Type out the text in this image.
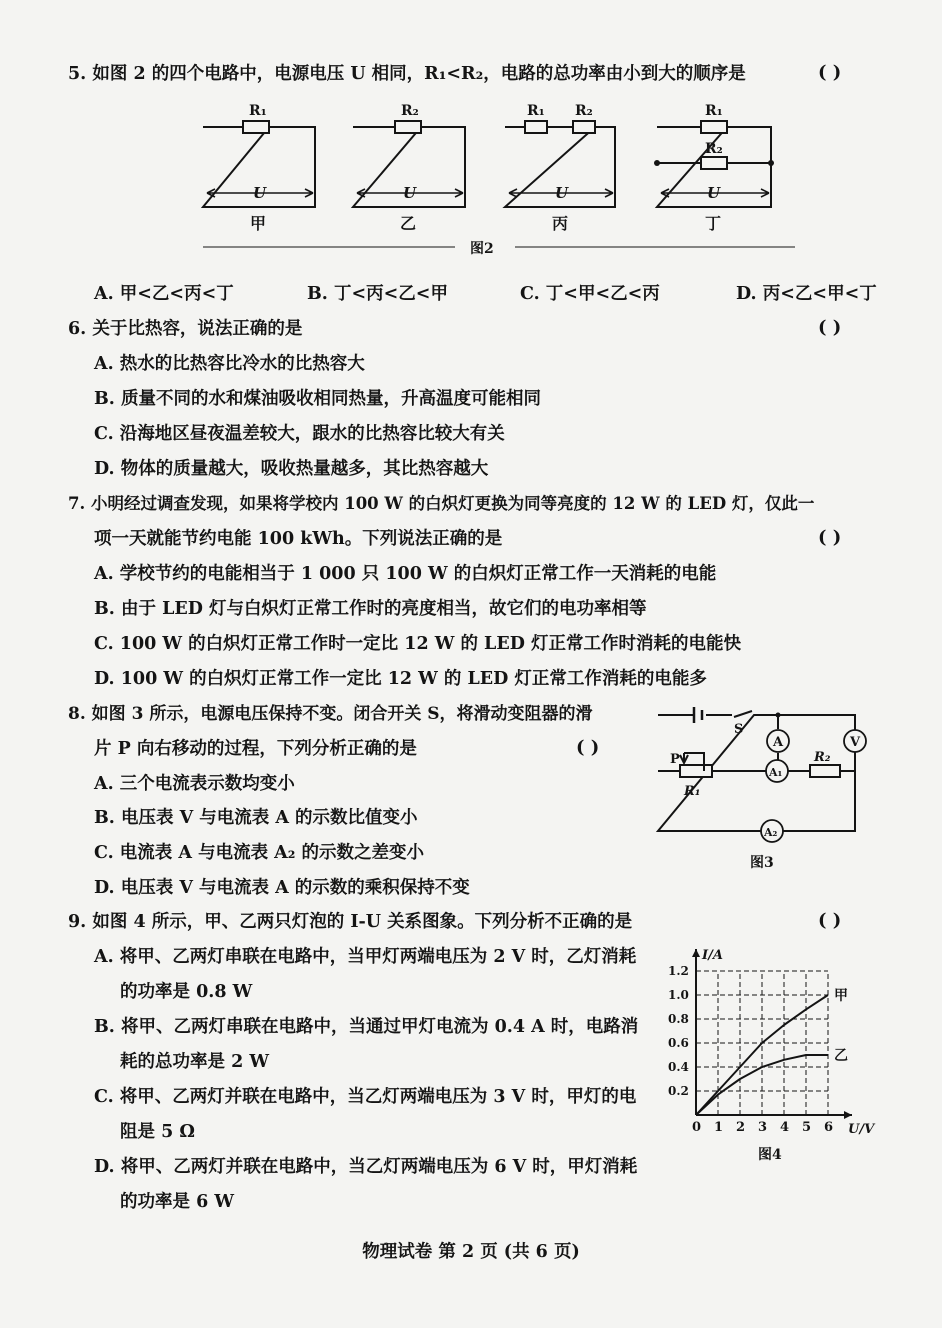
5. 如图 2 的四个电路中，电源电压 U 相同，R₁<R₂，电路的总功率由小到大的顺序是	( )
R₁	R₂	R₁ R₂	R₁
R₂
U	U	U	U
甲	乙	丙	丁
图2
A. 甲<乙<丙<丁	B. 丁<丙<乙<甲	C. 丁<甲<乙<丙	D. 丙<乙<甲<丁
6. 关于比热容，说法正确的是	( )
A. 热水的比热容比冷水的比热容大
B. 质量不同的水和煤油吸收相同热量，升高温度可能相同
C. 沿海地区昼夜温差较大，跟水的比热容比较大有关
D. 物体的质量越大，吸收热量越多，其比热容越大
7. 小明经过调查发现，如果将学校内 100 W 的白炽灯更换为同等亮度的 12 W 的 LED 灯，仅此一
项一天就能节约电能 100 kWh。下列说法正确的是	( )
A. 学校节约的电能相当于 1 000 只 100 W 的白炽灯正常工作一天消耗的电能
B. 由于 LED 灯与白炽灯正常工作时的亮度相当，故它们的电功率相等
C. 100 W 的白炽灯正常工作时一定比 12 W 的 LED 灯正常工作时消耗的电能快
D. 100 W 的白炽灯正常工作一定比 12 W 的 LED 灯正常工作消耗的电能多
8. 如图 3 所示，电源电压保持不变。闭合开关 S，将滑动变阻器的滑
片 P 向右移动的过程，下列分析正确的是	( )
A. 三个电流表示数均变小
B. 电压表 V 与电流表 A 的示数比值变小
C. 电流表 A 与电流表 A₂ 的示数之差变小
D. 电压表 V 与电流表 A 的示数的乘积保持不变
S
A
A₁
A₂
V
P
R₁
R₂
图3
9. 如图 4 所示，甲、乙两只灯泡的 I-U 关系图象。下列分析不正确的是	( )
A. 将甲、乙两灯串联在电路中，当甲灯两端电压为 2 V 时，乙灯消耗
的功率是 0.8 W
B. 将甲、乙两灯串联在电路中，当通过甲灯电流为 0.4 A 时，电路消
耗的总功率是 2 W
C. 将甲、乙两灯并联在电路中，当乙灯两端电压为 3 V 时，甲灯的电
阻是 5 Ω
D. 将甲、乙两灯并联在电路中，当乙灯两端电压为 6 V 时，甲灯消耗
的功率是 6 W
0 1 2 3 4 5 6
0.2
0.4
0.6
0.8
1.0
1.2
U/V
I/A
甲
乙
图4
物理试卷 第 2 页 (共 6 页)
